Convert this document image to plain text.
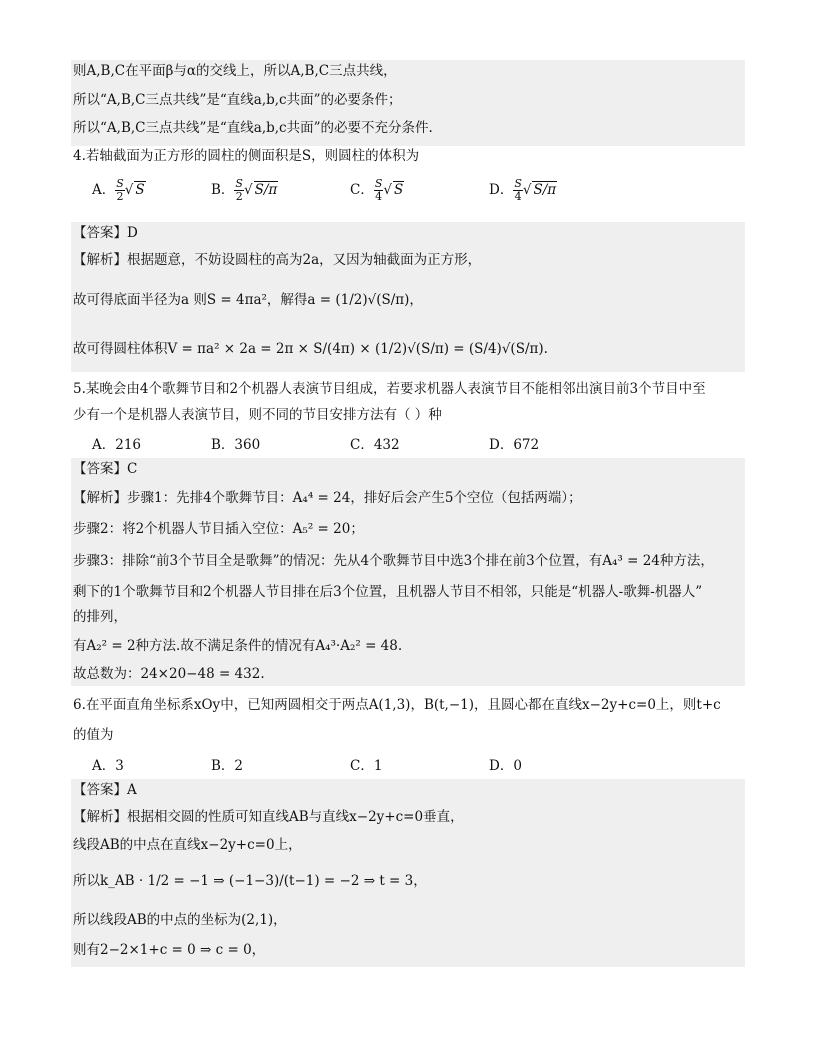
则A,B,C在平面β与α的交线上，所以A,B,C三点共线，
所以“A,B,C三点共线”是“直线a,b,c共面”的必要条件；
所以“A,B,C三点共线”是“直线a,b,c共面”的必要不充分条件.
4.若轴截面为正方形的圆柱的侧面积是S，则圆柱的体积为
A． $\frac{S}{2}$ √ S	B． $\frac{S}{2}$ √ S/π	C． $\frac{S}{4}$ √ S	D． $\frac{S}{4}$ √ S/π
【答案】D
【解析】根据题意，不妨设圆柱的高为2a，又因为轴截面为正方形，
故可得底面半径为a 则S = 4πa²，解得a = (1/2)√(S/π)，
故可得圆柱体积V = πa² × 2a = 2π × S/(4π) × (1/2)√(S/π) = (S/4)√(S/π).
5.某晚会由4个歌舞节目和2个机器人表演节目组成，若要求机器人表演节目不能相邻出演目前3个节目中至
少有一个是机器人表演节目，则不同的节目安排方法有（ ）种
A．216	B．360	C．432	D．672
【答案】C
【解析】步骤1：先排4个歌舞节目：A₄⁴ = 24，排好后会产生5个空位（包括两端）；
步骤2：将2个机器人节目插入空位：A₅² = 20；
步骤3：排除“前3个节目全是歌舞”的情况：先从4个歌舞节目中选3个排在前3个位置，有A₄³ = 24种方法，
剩下的1个歌舞节目和2个机器人节目排在后3个位置，且机器人节目不相邻，只能是“机器人-歌舞-机器人”
的排列，
有A₂² = 2种方法.故不满足条件的情况有A₄³·A₂² = 48.
故总数为：24×20−48 = 432.
6.在平面直角坐标系xOy中，已知两圆相交于两点A(1,3)，B(t,−1)，且圆心都在直线x−2y+c=0上，则t+c
的值为
A．3	B．2	C．1	D．0
【答案】A
【解析】根据相交圆的性质可知直线AB与直线x−2y+c=0垂直，
线段AB的中点在直线x−2y+c=0上，
所以k_AB · 1/2 = −1 ⇒ (−1−3)/(t−1) = −2 ⇒ t = 3，
所以线段AB的中点的坐标为(2,1)，
则有2−2×1+c = 0 ⇒ c = 0，
